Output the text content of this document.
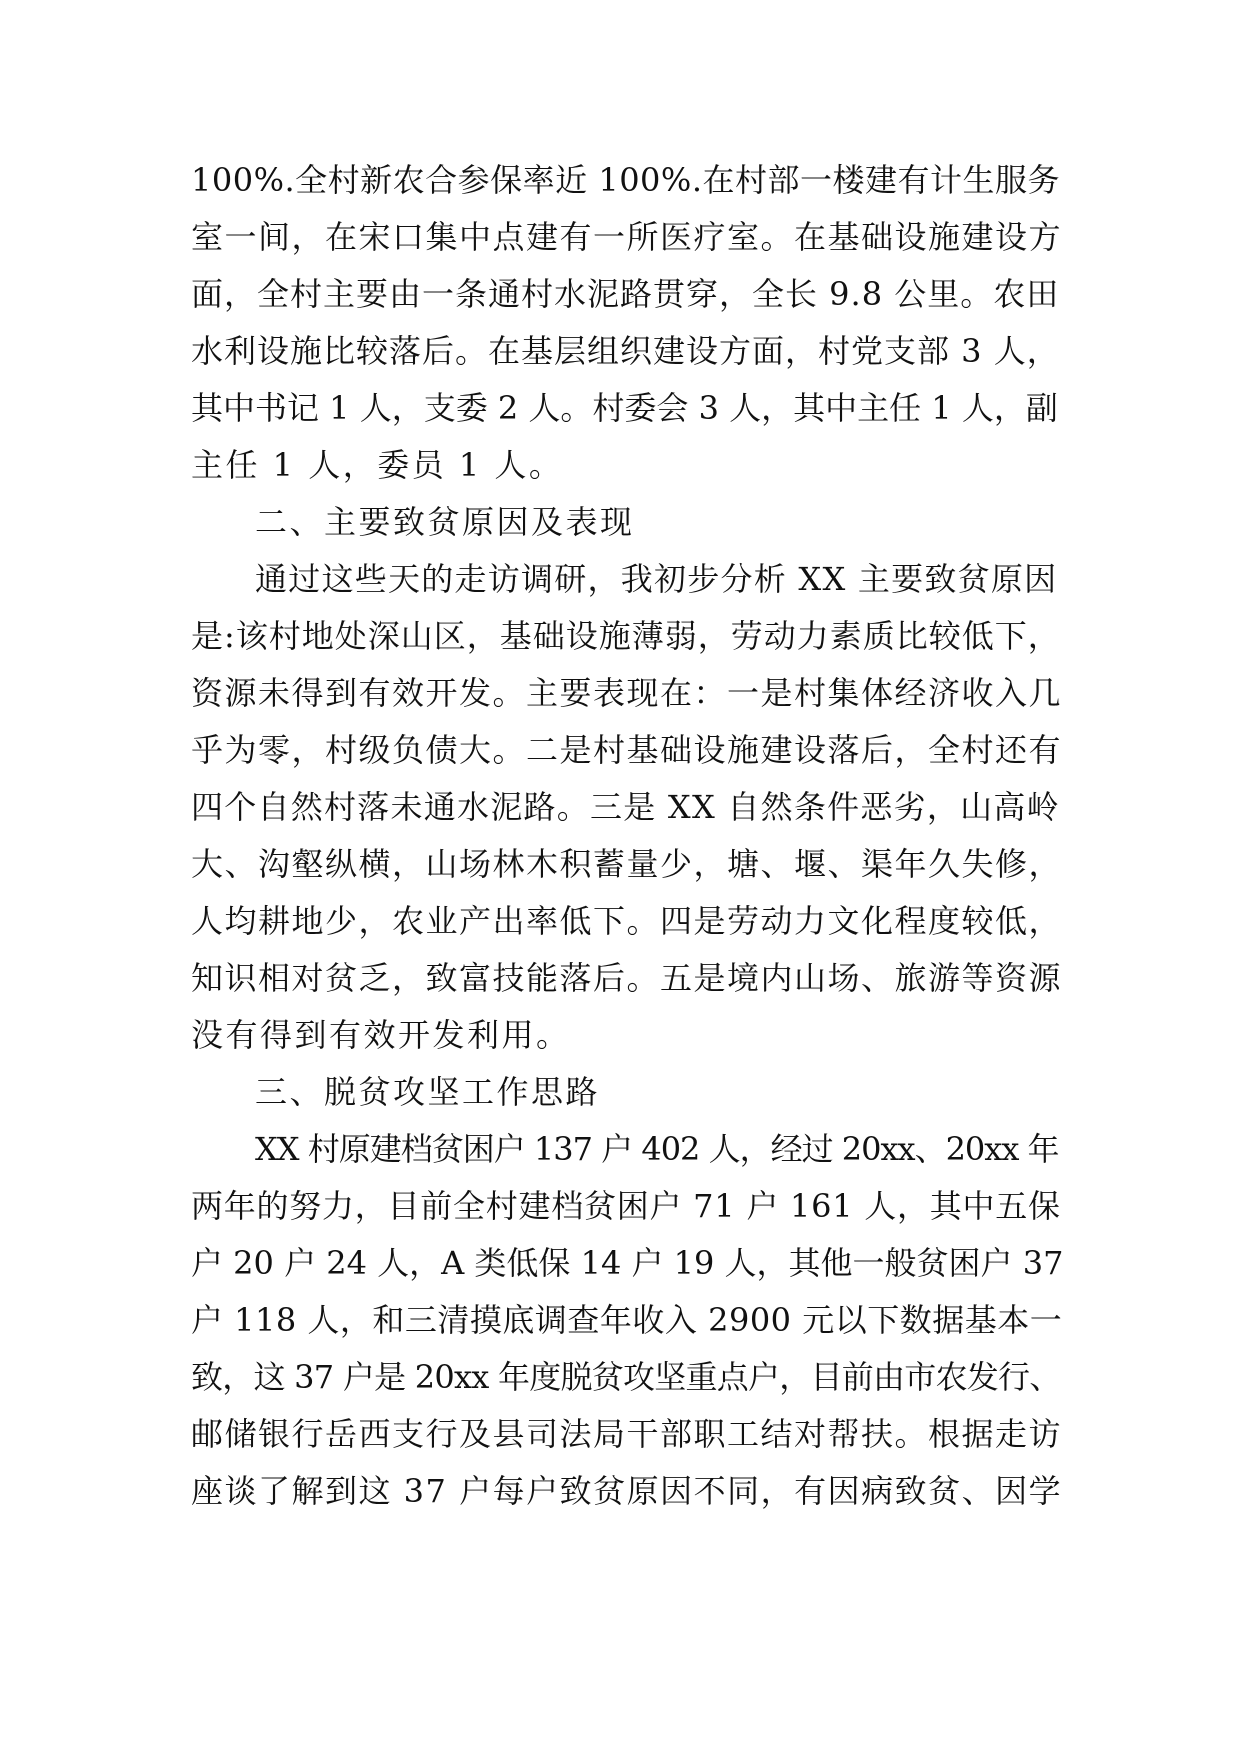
100%.全村新农合参保率近 100%.在村部一楼建有计生服务
室一间，在宋口集中点建有一所医疗室。在基础设施建设方
面，全村主要由一条通村水泥路贯穿，全长 9.8 公里。农田
水利设施比较落后。在基层组织建设方面，村党支部 3 人，
其中书记 1 人，支委 2 人。村委会 3 人，其中主任 1 人，副
主任 1 人，委员 1 人。
二、主要致贫原因及表现
通过这些天的走访调研，我初步分析 XX 主要致贫原因
是:该村地处深山区，基础设施薄弱，劳动力素质比较低下，
资源未得到有效开发。主要表现在：一是村集体经济收入几
乎为零，村级负债大。二是村基础设施建设落后，全村还有
四个自然村落未通水泥路。三是 XX 自然条件恶劣，山高岭
大、沟壑纵横，山场林木积蓄量少，塘、堰、渠年久失修，
人均耕地少，农业产出率低下。四是劳动力文化程度较低，
知识相对贫乏，致富技能落后。五是境内山场、旅游等资源
没有得到有效开发利用。
三、脱贫攻坚工作思路
XX 村原建档贫困户 137 户 402 人，经过 20xx、20xx 年
两年的努力，目前全村建档贫困户 71 户 161 人，其中五保
户 20 户 24 人，A 类低保 14 户 19 人，其他一般贫困户 37
户 118 人，和三清摸底调查年收入 2900 元以下数据基本一
致，这 37 户是 20xx 年度脱贫攻坚重点户，目前由市农发行、
邮储银行岳西支行及县司法局干部职工结对帮扶。根据走访
座谈了解到这 37 户每户致贫原因不同，有因病致贫、因学
